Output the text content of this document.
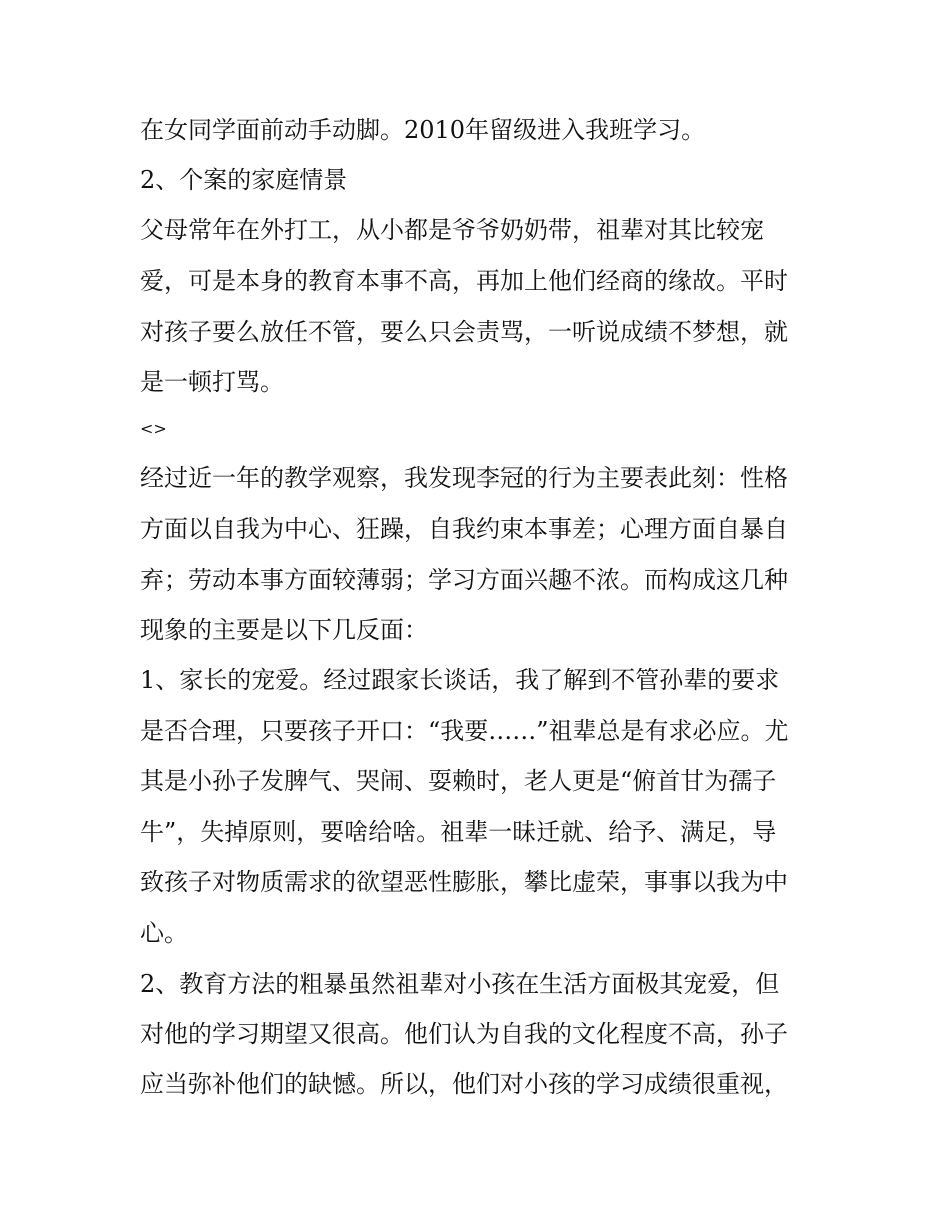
在女同学面前动手动脚。2010年留级进入我班学习。
2、个案的家庭情景
父母常年在外打工，从小都是爷爷奶奶带，祖辈对其比较宠
爱，可是本身的教育本事不高，再加上他们经商的缘故。平时
对孩子要么放任不管，要么只会责骂，一听说成绩不梦想，就
是一顿打骂。
<>
经过近一年的教学观察，我发现李冠的行为主要表此刻：性格
方面以自我为中心、狂躁，自我约束本事差；心理方面自暴自
弃；劳动本事方面较薄弱；学习方面兴趣不浓。而构成这几种
现象的主要是以下几反面：
1、家长的宠爱。经过跟家长谈话，我了解到不管孙辈的要求
是否合理，只要孩子开口：“我要……”祖辈总是有求必应。尤
其是小孙子发脾气、哭闹、耍赖时，老人更是“俯首甘为孺子
牛”，失掉原则，要啥给啥。祖辈一昧迁就、给予、满足，导
致孩子对物质需求的欲望恶性膨胀，攀比虚荣，事事以我为中
心。
2、教育方法的粗暴虽然祖辈对小孩在生活方面极其宠爱，但
对他的学习期望又很高。他们认为自我的文化程度不高，孙子
应当弥补他们的缺憾。所以，他们对小孩的学习成绩很重视，
